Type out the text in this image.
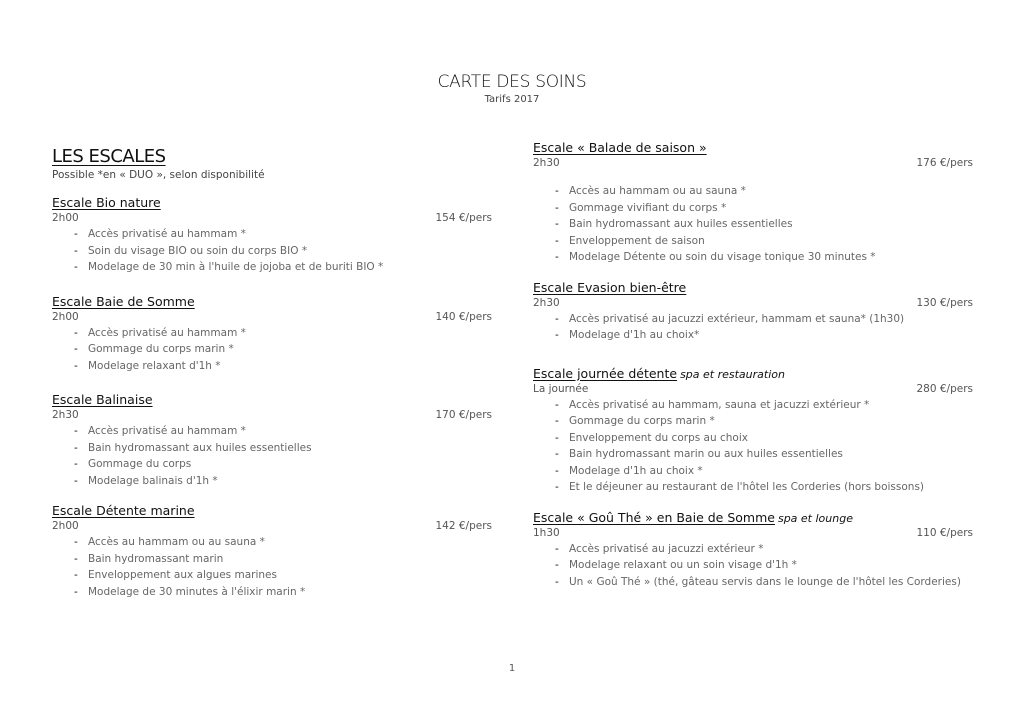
CARTE DES SOINS
Tarifs 2017
LES ESCALES
Possible *en « DUO », selon disponibilité
Escale Bio nature
2h00	154 €/pers
- Accès privatisé au hammam *
- Soin du visage BIO ou soin du corps BIO *
- Modelage de 30 min à l'huile de jojoba et de buriti BIO *
Escale Baie de Somme
2h00	140 €/pers
- Accès privatisé au hammam *
- Gommage du corps marin *
- Modelage relaxant d'1h *
Escale Balinaise
2h30	170 €/pers
- Accès privatisé au hammam *
- Bain hydromassant aux huiles essentielles
- Gommage du corps
- Modelage balinais d'1h *
Escale Détente marine
2h00	142 €/pers
- Accès au hammam ou au sauna *
- Bain hydromassant marin
- Enveloppement aux algues marines
- Modelage de 30 minutes à l'élixir marin *
Escale « Balade de saison »
2h30	176 €/pers
- Accès au hammam ou au sauna *
- Gommage vivifiant du corps *
- Bain hydromassant aux huiles essentielles
- Enveloppement de saison
- Modelage Détente ou soin du visage tonique 30 minutes *
Escale Evasion bien-être
2h30	130 €/pers
- Accès privatisé au jacuzzi extérieur, hammam et sauna* (1h30)
- Modelage d'1h au choix*
Escale journée détente spa et restauration
La journée	280 €/pers
- Accès privatisé au hammam, sauna et jacuzzi extérieur *
- Gommage du corps marin *
- Enveloppement du corps au choix
- Bain hydromassant marin ou aux huiles essentielles
- Modelage d'1h au choix *
- Et le déjeuner au restaurant de l'hôtel les Corderies (hors boissons)
Escale « Goû Thé » en Baie de Somme spa et lounge
1h30	110 €/pers
- Accès privatisé au jacuzzi extérieur *
- Modelage relaxant ou un soin visage d'1h *
- Un « Goû Thé » (thé, gâteau servis dans le lounge de l'hôtel les Corderies)
1
